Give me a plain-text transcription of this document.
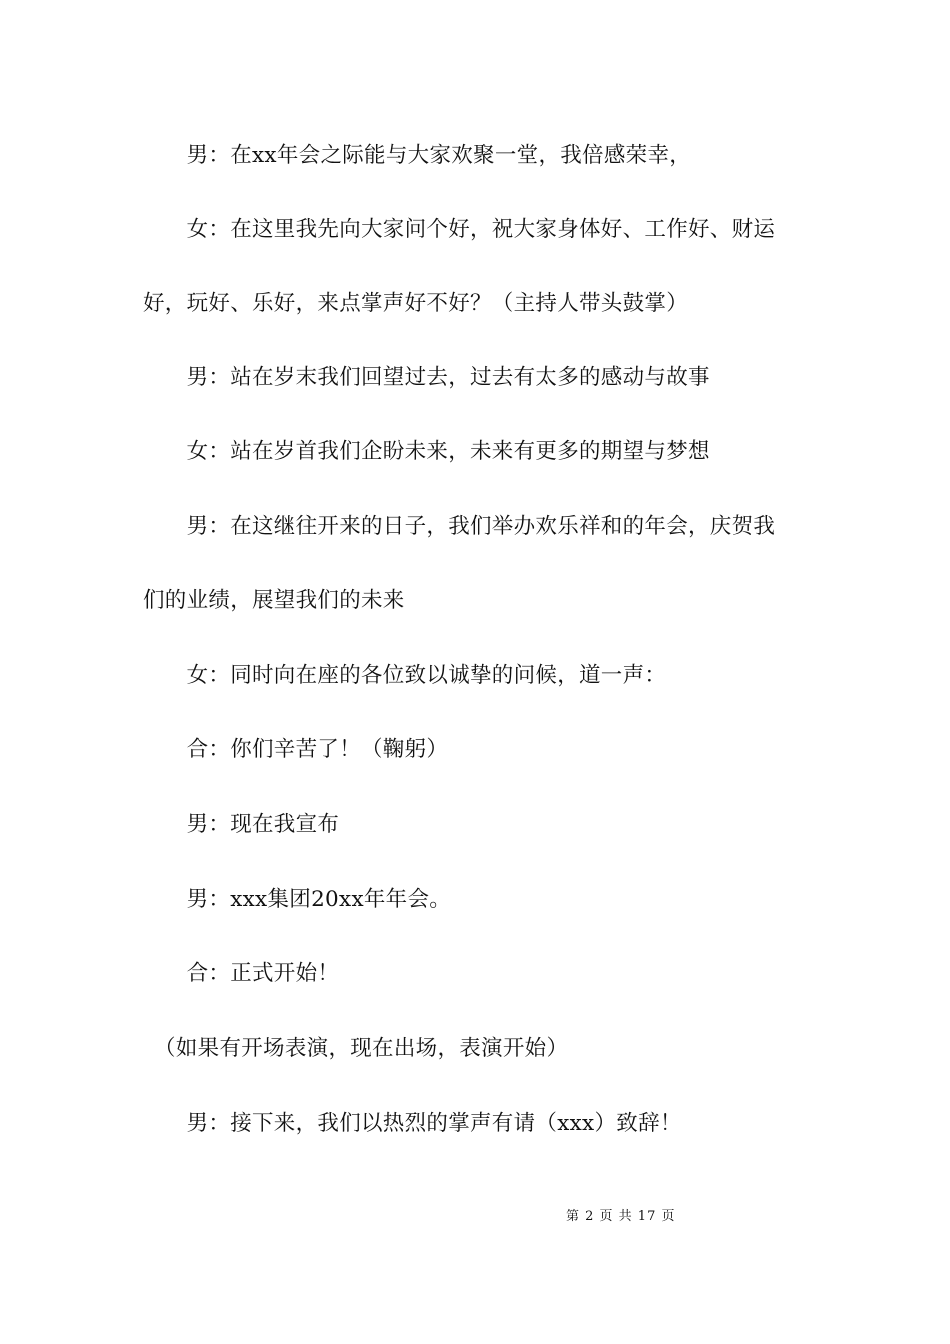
　　男：在xx年会之际能与大家欢聚一堂，我倍感荣幸，
　　女：在这里我先向大家问个好，祝大家身体好、工作好、财运
好，玩好、乐好，来点掌声好不好？（主持人带头鼓掌）
　　男：站在岁末我们回望过去，过去有太多的感动与故事
　　女：站在岁首我们企盼未来，未来有更多的期望与梦想
　　男：在这继往开来的日子，我们举办欢乐祥和的年会，庆贺我
们的业绩，展望我们的未来
　　女：同时向在座的各位致以诚挚的问候，道一声：
　　合：你们辛苦了！（鞠躬）
　　男：现在我宣布
　　男：xxx集团20xx年年会。
　　合：正式开始！
　（如果有开场表演，现在出场，表演开始）
　　男：接下来，我们以热烈的掌声有请（xxx）致辞！
第 2 页 共 17 页
